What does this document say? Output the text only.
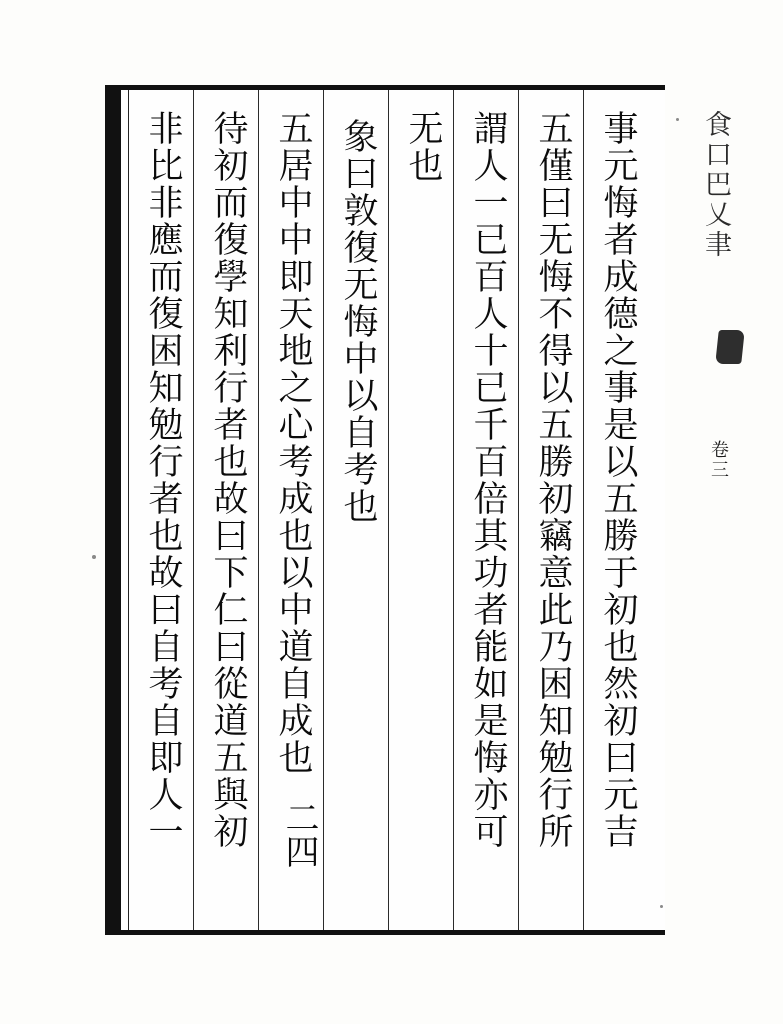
事元悔者成德之事是以五勝于初也然初曰元吉
五僅曰无悔不得以五勝初竊意此乃困知勉行所
謂人一已百人十已千百倍其功者能如是悔亦可
无也
象曰敦復无悔中以自考也
五居中中即天地之心考成也以中道自成也
待初而復學知利行者也故曰下仁曰從道五與初
非比非應而復困知勉行者也故曰自考自即人一	二四
食口巴乂聿
卷三
